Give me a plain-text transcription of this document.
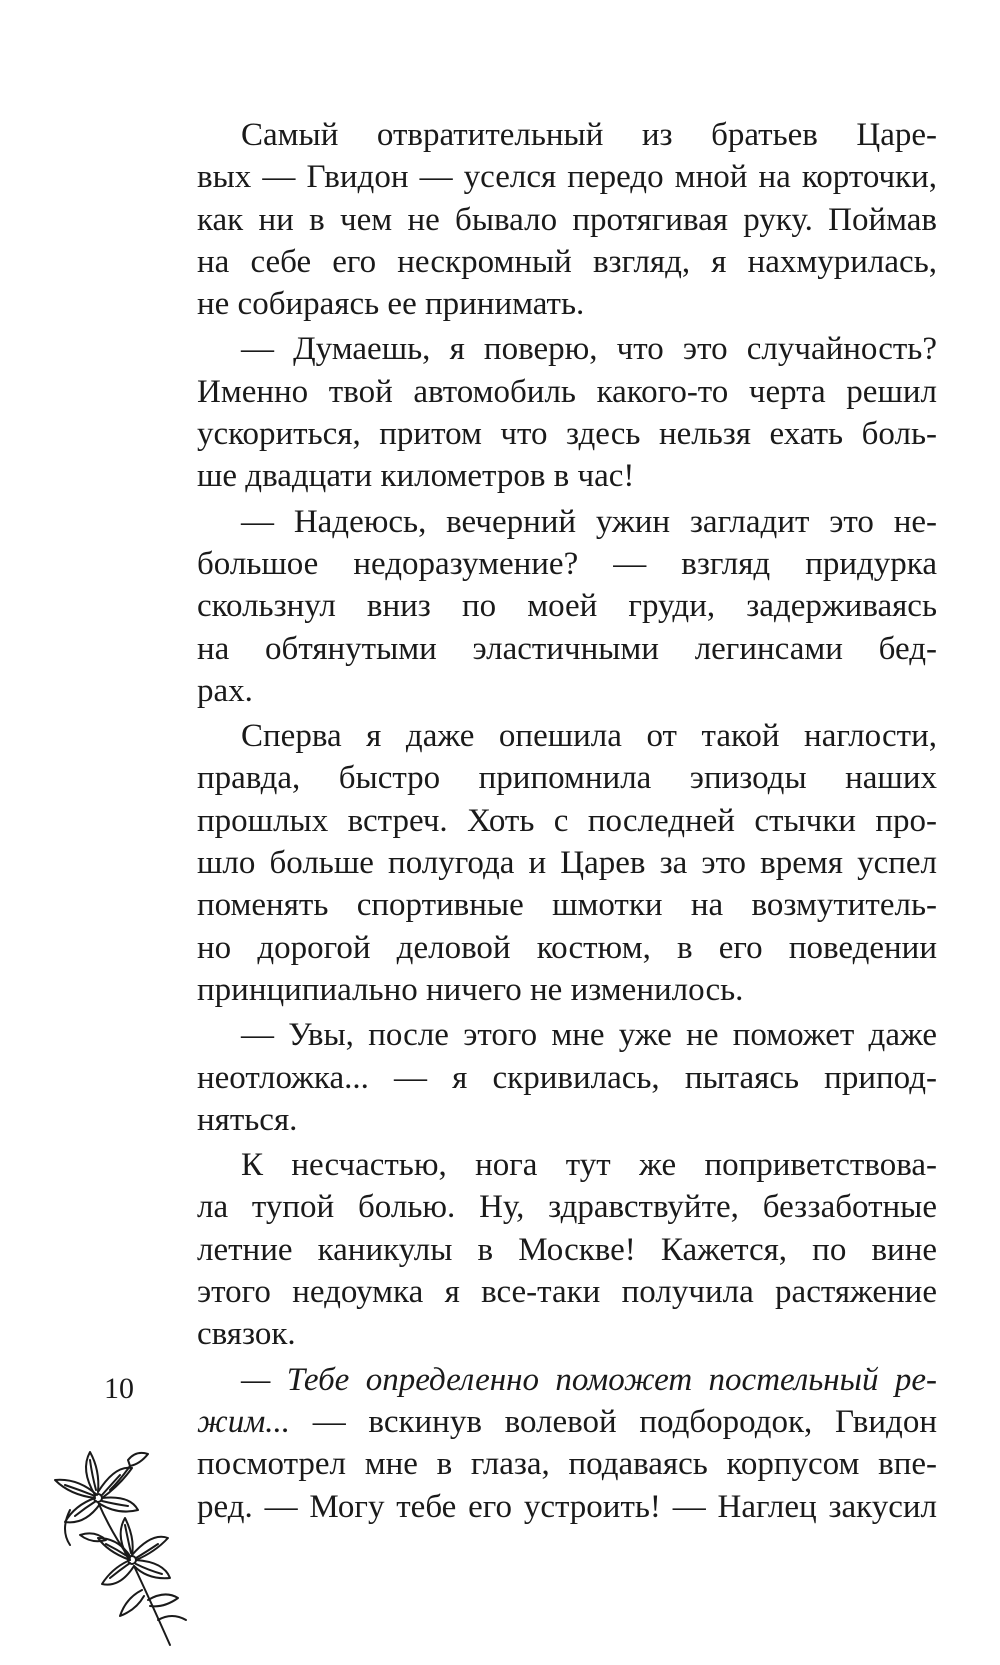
Самый отвратительный из братьев Царе-
вых — Гвидон — уселся передо мной на корточки,
как ни в чем не бывало протягивая руку. Поймав
на себе его нескромный взгляд, я нахмурилась,
не собираясь ее принимать.
— Думаешь, я поверю, что это случайность?
Именно твой автомобиль какого-то черта решил
ускориться, притом что здесь нельзя ехать боль-
ше двадцати километров в час!
— Надеюсь, вечерний ужин загладит это не-
большое недоразумение? — взгляд придурка
скользнул вниз по моей груди, задерживаясь
на обтянутыми эластичными легинсами бед-
рах.
Сперва я даже опешила от такой наглости,
правда, быстро припомнила эпизоды наших
прошлых встреч. Хоть с последней стычки про-
шло больше полугода и Царев за это время успел
поменять спортивные шмотки на возмутитель-
но дорогой деловой костюм, в его поведении
принципиально ничего не изменилось.
— Увы, после этого мне уже не поможет даже
неотложка... — я скривилась, пытаясь припод-
няться.
К несчастью, нога тут же поприветствова-
ла тупой болью. Ну, здравствуйте, беззаботные
летние каникулы в Москве! Кажется, по вине
этого недоумка я все-таки получила растяжение
связок.
— Тебе определенно поможет постельный ре-
жим... — вскинув волевой подбородок, Гвидон
посмотрел мне в глаза, подаваясь корпусом впе-
ред. — Могу тебе его устроить! — Наглец закусил
10
